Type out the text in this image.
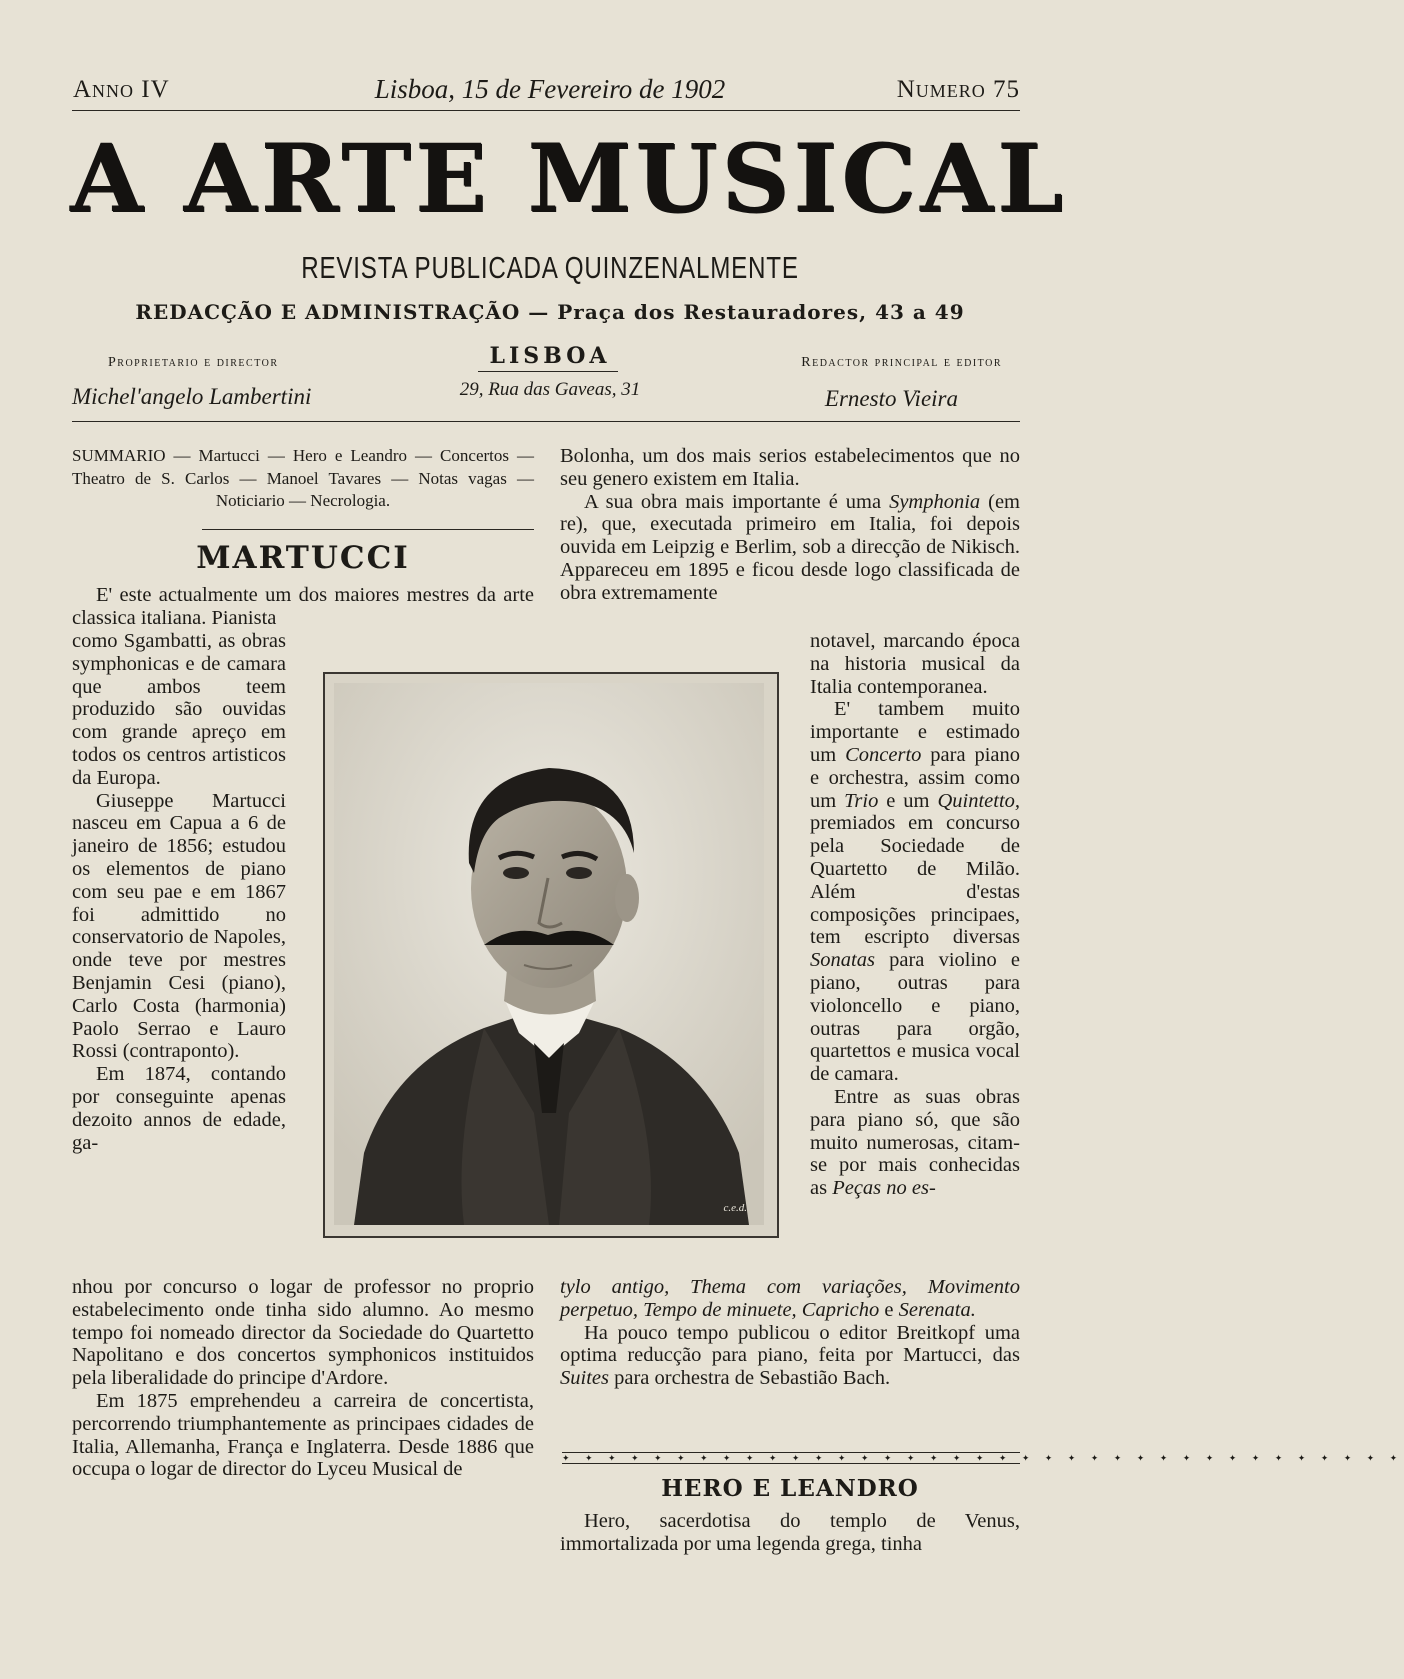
Anno IV	Lisboa, 15 de Fevereiro de 1902	Numero 75
A ARTE MUSICAL
REVISTA PUBLICADA QUINZENALMENTE
REDACÇÃO E ADMINISTRAÇÃO — Praça dos Restauradores, 43 a 49
Proprietario e director
Michel'angelo Lambertini
LISBOA
29, Rua das Gaveas, 31
Redactor principal e editor
Ernesto Vieira
SUMMARIO — Martucci — Hero e Leandro — Concertos — Theatro de S. Carlos — Manoel Tavares — Notas vagas — Noticiario — Necrologia.
MARTUCCI

E' este actualmente um dos maiores mestres da arte classica italiana. Pianista

como Sgambatti, as obras symphonicas e de camara que ambos teem produzido são ouvidas com grande apreço em todos os centros artisticos da Europa.

Giuseppe Martucci nasceu em Capua a 6 de janeiro de 1856; estudou os elementos de piano com seu pae e em 1867 foi admittido no conservatorio de Napoles, onde teve por mestres Benjamin Cesi (piano), Carlo Costa (harmonia) Paolo Serrao e Lauro Rossi (contraponto).

Em 1874, contando por conseguinte apenas dezoito annos de edade, ga-

nhou por concurso o logar de professor no proprio estabelecimento onde tinha sido alumno. Ao mesmo tempo foi nomeado director da Sociedade do Quartetto Napolitano e dos concertos symphonicos instituidos pela liberalidade do principe d'Ardore.

Em 1875 emprehendeu a carreira de concertista, percorrendo triumphantemente as principaes cidades de Italia, Allemanha, França e Inglaterra. Desde 1886 que occupa o logar de director do Lyceu Musical de

Bolonha, um dos mais serios estabelecimentos que no seu genero existem em Italia.

A sua obra mais importante é uma Symphonia (em re), que, executada primeiro em Italia, foi depois ouvida em Leipzig e Berlim, sob a direcção de Nikisch. Appareceu em 1895 e ficou desde logo classificada de obra extremamente

notavel, marcando época na historia musical da Italia contemporanea.

E' tambem muito importante e estimado um Concerto para piano e orchestra, assim como um Trio e um Quintetto, premiados em concurso pela Sociedade de Quartetto de Milão. Além d'estas composições principaes, tem escripto diversas Sonatas para violino e piano, outras para violoncello e piano, outras para orgão, quartettos e musica vocal de camara.

Entre as suas obras para piano só, que são muito numerosas, citam-se por mais conhecidas as Peças no es-

tylo antigo, Thema com variações, Movimento perpetuo, Tempo de minuete, Capricho e Serenata.

Ha pouco tempo publicou o editor Breitkopf uma optima reducção para piano, feita por Martucci, das Suites para orchestra de Sebastião Bach.

c.e.d.
✦ ✦ ✦ ✦ ✦ ✦ ✦ ✦ ✦ ✦ ✦ ✦ ✦ ✦ ✦ ✦ ✦ ✦ ✦ ✦ ✦ ✦ ✦ ✦ ✦ ✦ ✦ ✦ ✦ ✦ ✦ ✦ ✦ ✦ ✦ ✦ ✦
HERO E LEANDRO

Hero, sacerdotisa do templo de Venus, immortalizada por uma legenda grega, tinha
